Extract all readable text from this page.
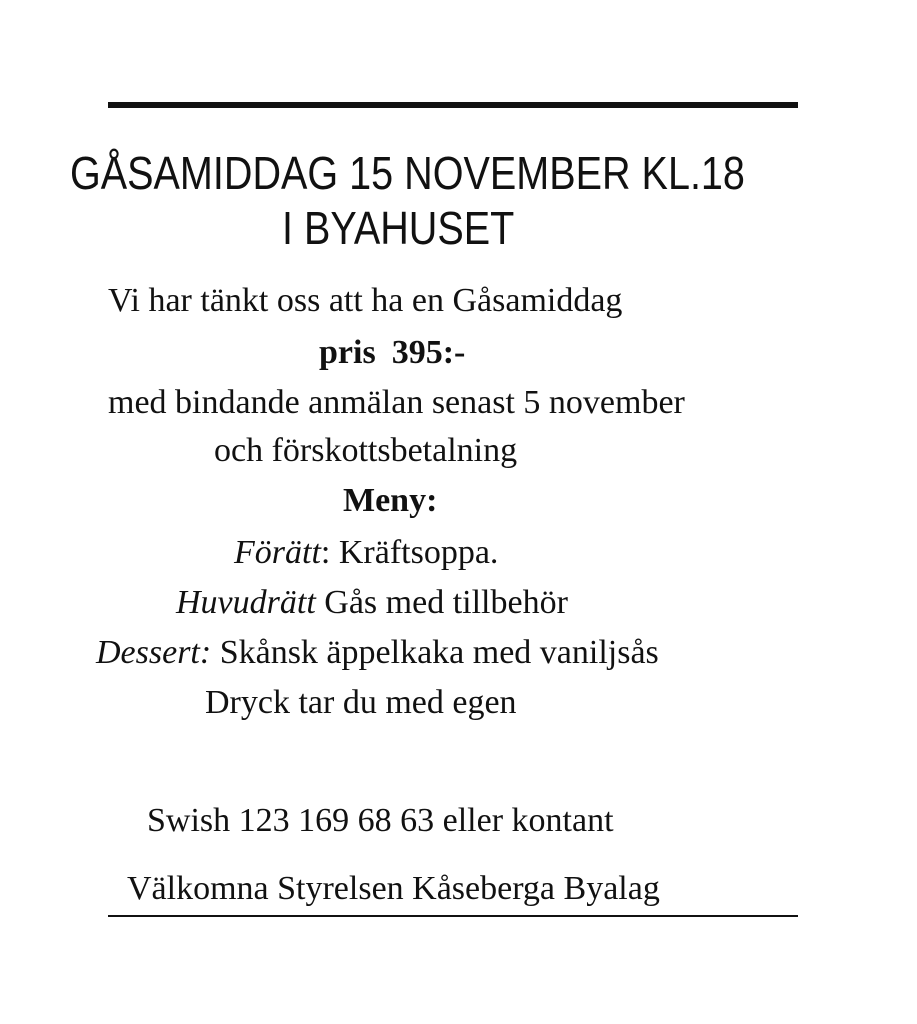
GÅSAMIDDAG 15 NOVEMBER KL.18
I BYAHUSET
Vi har tänkt oss att ha en Gåsamiddag
pris 395:-
med bindande anmälan senast 5 november
och förskottsbetalning
Meny:
Förätt: Kräftsoppa.
Huvudrätt Gås med tillbehör
Dessert: Skånsk äppelkaka med vaniljsås
Dryck tar du med egen
Swish 123 169 68 63 eller kontant
Välkomna Styrelsen Kåseberga Byalag
